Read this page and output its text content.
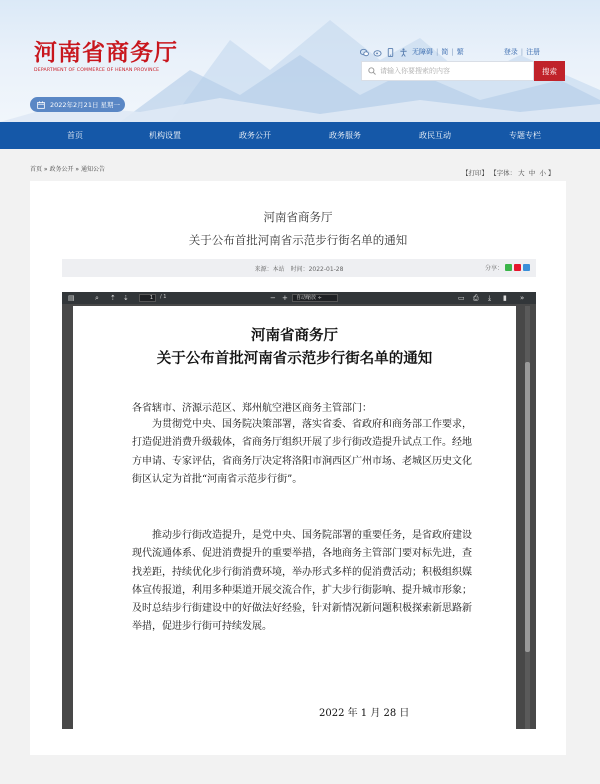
河南省商务厅
DEPARTMENT OF COMMERCE OF HENAN PROVINCE
无障碍 | 简 | 繁	登录 | 注册
请输入你要搜索的内容
搜索
2022年2月21日 星期一
首页	机构设置	政务公开	政务服务	政民互动	专题专栏
首页 » 政务公开 » 通知公告	【打印】 【字体： 大 中 小 】
河南省商务厅
关于公布首批河南省示范步行街名单的通知
来源：本站　时间：2022-01-28	分享：
▤	⌕ ⇡ ⇣	1	/ 1	− +	自动缩放 ÷	▭ ⎙ ⤓ ▮ »
河南省商务厅
关于公布首批河南省示范步行街名单的通知
各省辖市、济源示范区、郑州航空港区商务主管部门：
为贯彻党中央、国务院决策部署，落实省委、省政府和商务部工作要求，打造促进消费升级载体，省商务厅组织开展了步行街改造提升试点工作。经地方申请、专家评估，省商务厅决定将洛阳市涧西区广州市场、老城区历史文化街区认定为首批“河南省示范步行街”。
推动步行街改造提升，是党中央、国务院部署的重要任务，是省政府建设现代流通体系、促进消费提升的重要举措，各地商务主管部门要对标先进，查找差距，持续优化步行街消费环境，举办形式多样的促消费活动；积极组织媒体宣传报道，利用多种渠道开展交流合作，扩大步行街影响、提升城市形象；及时总结步行街建设中的好做法好经验，针对新情况新问题积极探索新思路新举措，促进步行街可持续发展。
2022 年 1 月 28 日
